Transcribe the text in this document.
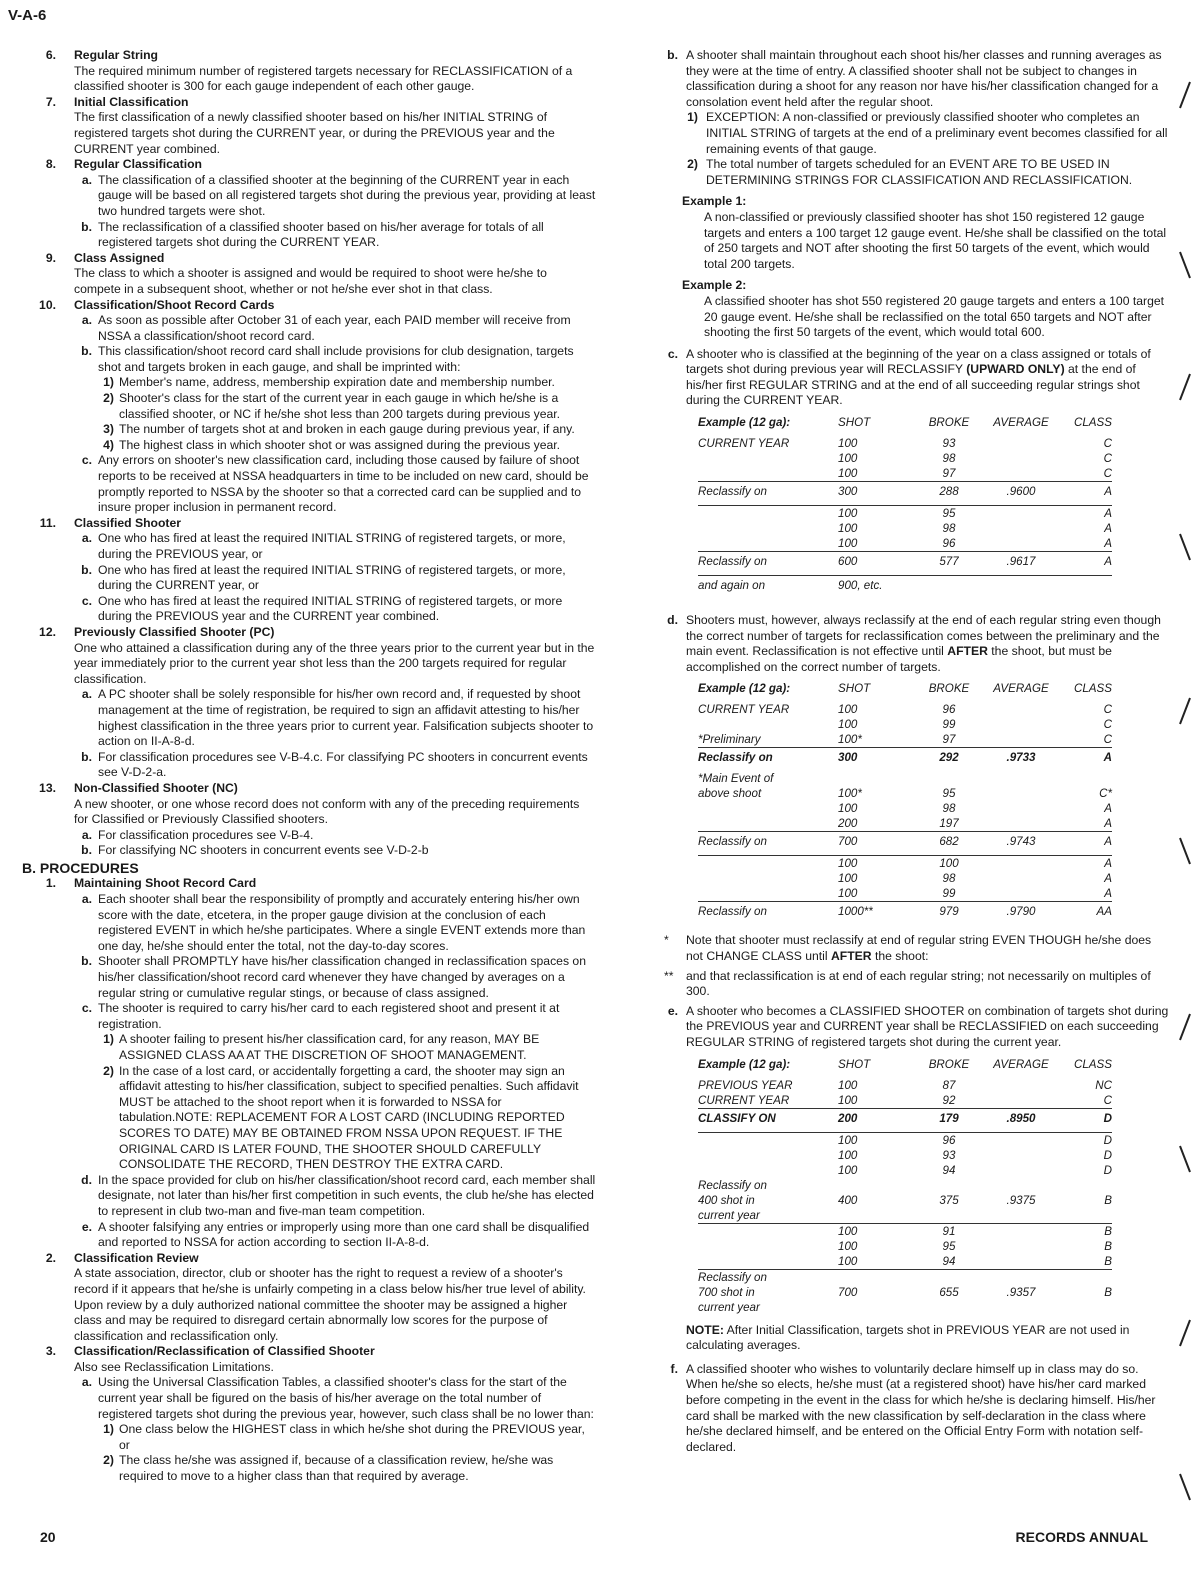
V-A-6
6. Regular String

The required minimum number of registered targets necessary for RECLASSIFICATION of a classified shooter is 300 for each gauge independent of each other gauge.

7. Initial Classification

The first classification of a newly classified shooter based on his/her INITIAL STRING of registered targets shot during the CURRENT year, or during the PREVIOUS year and the CURRENT year combined.

8. Regular Classification
a. The classification of a classified shooter at the beginning of the CURRENT year in each gauge will be based on all registered targets shot during the previous year, providing at least two hundred targets were shot.

b. The reclassification of a classified shooter based on his/her average for totals of all registered targets shot during the CURRENT YEAR.

9. Class Assigned

The class to which a shooter is assigned and would be required to shoot were he/she to compete in a subsequent shoot, whether or not he/she ever shot in that class.

10. Classification/Shoot Record Cards
a. As soon as possible after October 31 of each year, each PAID member will receive from NSSA a classification/shoot record card.

b. This classification/shoot record card shall include provisions for club designation, targets shot and targets broken in each gauge, and shall be imprinted with:

1) Member's name, address, membership expiration date and membership number.

2) Shooter's class for the start of the current year in each gauge in which he/she is a classified shooter, or NC if he/she shot less than 200 targets during previous year.

3) The number of targets shot at and broken in each gauge during previous year, if any.

4) The highest class in which shooter shot or was assigned during the previous year.

c. Any errors on shooter's new classification card, including those caused by failure of shoot reports to be received at NSSA headquarters in time to be included on new card, should be promptly reported to NSSA by the shooter so that a corrected card can be supplied and to insure proper inclusion in permanent record.

11. Classified Shooter
a. One who has fired at least the required INITIAL STRING of registered targets, or more, during the PREVIOUS year, or

b. One who has fired at least the required INITIAL STRING of registered targets, or more, during the CURRENT year, or

c. One who has fired at least the required INITIAL STRING of registered targets, or more during the PREVIOUS year and the CURRENT year combined.

12. Previously Classified Shooter (PC)

One who attained a classification during any of the three years prior to the current year but in the year immediately prior to the current year shot less than the 200 targets required for regular classification.

a. A PC shooter shall be solely responsible for his/her own record and, if requested by shoot management at the time of registration, be required to sign an affidavit attesting to his/her highest classification in the three years prior to current year. Falsification subjects shooter to action on II-A-8-d.

b. For classification procedures see V-B-4.c. For classifying PC shooters in concurrent events see V-D-2-a.

13. Non-Classified Shooter (NC)

A new shooter, or one whose record does not conform with any of the preceding requirements for Classified or Previously Classified shooters.

a. For classification procedures see V-B-4.

b. For classifying NC shooters in concurrent events see V-D-2-b

B. PROCEDURES
1. Maintaining Shoot Record Card
a. Each shooter shall bear the responsibility of promptly and accurately entering his/her own score with the date, etcetera, in the proper gauge division at the conclusion of each registered EVENT in which he/she participates. Where a single EVENT extends more than one day, he/she should enter the total, not the day-to-day scores.

b. Shooter shall PROMPTLY have his/her classification changed in reclassification spaces on his/her classification/shoot record card whenever they have changed by averages on a regular string or cumulative regular stings, or because of class assigned.

c. The shooter is required to carry his/her card to each registered shoot and present it at registration.

1) A shooter failing to present his/her classification card, for any reason, MAY BE ASSIGNED CLASS AA AT THE DISCRETION OF SHOOT MANAGEMENT.

2) In the case of a lost card, or accidentally forgetting a card, the shooter may sign an affidavit attesting to his/her classification, subject to specified penalties. Such affidavit MUST be attached to the shoot report when it is forwarded to NSSA for tabulation.NOTE: REPLACEMENT FOR A LOST CARD (INCLUDING REPORTED SCORES TO DATE) MAY BE OBTAINED FROM NSSA UPON REQUEST. IF THE ORIGINAL CARD IS LATER FOUND, THE SHOOTER SHOULD CAREFULLY CONSOLIDATE THE RECORD, THEN DESTROY THE EXTRA CARD.

d. In the space provided for club on his/her classification/shoot record card, each member shall designate, not later than his/her first competition in such events, the club he/she has elected to represent in club two-man and five-man team competition.

e. A shooter falsifying any entries or improperly using more than one card shall be disqualified and reported to NSSA for action according to section II-A-8-d.

2. Classification Review

A state association, director, club or shooter has the right to request a review of a shooter's record if it appears that he/she is unfairly competing in a class below his/her true level of ability. Upon review by a duly authorized national committee the shooter may be assigned a higher class and may be required to disregard certain abnormally low scores for the purpose of classification and reclassification only.

3. Classification/Reclassification of Classified Shooter

Also see Reclassification Limitations.

a. Using the Universal Classification Tables, a classified shooter's class for the start of the current year shall be figured on the basis of his/her average on the total number of registered targets shot during the previous year, however, such class shall be no lower than:

1) One class below the HIGHEST class in which he/she shot during the PREVIOUS year, or

2) The class he/she was assigned if, because of a classification review, he/she was required to move to a higher class than that required by average.

b. A shooter shall maintain throughout each shoot his/her classes and running averages as they were at the time of entry. A classified shooter shall not be subject to changes in classification during a shoot for any reason nor have his/her classification changed for a consolation event held after the regular shoot.

1) EXCEPTION: A non-classified or previously classified shooter who completes an INITIAL STRING of targets at the end of a preliminary event becomes classified for all remaining events of that gauge.

2) The total number of targets scheduled for an EVENT ARE TO BE USED IN DETERMINING STRINGS FOR CLASSIFICATION AND RECLASSIFICATION.

Example 1:
A non-classified or previously classified shooter has shot 150 registered 12 gauge targets and enters a 100 target 12 gauge event. He/she shall be classified on the total of 250 targets and NOT after shooting the first 50 targets of the event, which would total 200 targets.
Example 2:
A classified shooter has shot 550 registered 20 gauge targets and enters a 100 target 20 gauge event. He/she shall be reclassified on the total 650 targets and NOT after shooting the first 50 targets of the event, which would total 600.
c. A shooter who is classified at the beginning of the year on a class assigned or totals of targets shot during previous year will RECLASSIFY (UPWARD ONLY) at the end of his/her first REGULAR STRING and at the end of all succeeding regular strings shot during the CURRENT YEAR.

Example (12 ga):	SHOT	BROKE	AVERAGE	CLASS
CURRENT YEAR	100	93		C
	100	98		C
	100	97		C
Reclassify on	300	288	.9600	A
	100	95		A
	100	98		A
	100	96		A
Reclassify on	600	577	.9617	A
and again on	900, etc.			
d. Shooters must, however, always reclassify at the end of each regular string even though the correct number of targets for reclassification comes between the preliminary and the main event. Reclassification is not effective until AFTER the shoot, but must be accomplished on the correct number of targets.

Example (12 ga):	SHOT	BROKE	AVERAGE	CLASS
CURRENT YEAR	100	96		C
	100	99		C
*Preliminary	100*	97		C
Reclassify on	300	292	.9733	A
*Main Event of				
above shoot	100*	95		C*
	100	98		A
	200	197		A
Reclassify on	700	682	.9743	A
	100	100		A
	100	98		A
	100	99		A
Reclassify on	1000**	979	.9790	AA
* Note that shooter must reclassify at end of regular string EVEN THOUGH he/she does not CHANGE CLASS until AFTER the shoot:

** and that reclassification is at end of each regular string; not necessarily on multiples of 300.

e. A shooter who becomes a CLASSIFIED SHOOTER on combination of targets shot during the PREVIOUS year and CURRENT year shall be RECLASSIFIED on each succeeding REGULAR STRING of registered targets shot during the current year.

Example (12 ga):	SHOT	BROKE	AVERAGE	CLASS
PREVIOUS YEAR	100	87		NC
CURRENT YEAR	100	92		C
CLASSIFY ON	200	179	.8950	D
	100	96		D
	100	93		D
	100	94		D
Reclassify on				
400 shot in	400	375	.9375	B
current year				
	100	91		B
	100	95		B
	100	94		B
Reclassify on				
700 shot in	700	655	.9357	B
current year				
NOTE: After Initial Classification, targets shot in PREVIOUS YEAR are not used in calculating averages.
f. A classified shooter who wishes to voluntarily declare himself up in class may do so. When he/she so elects, he/she must (at a registered shoot) have his/her card marked before competing in the event in the class for which he/she is declaring himself. His/her card shall be marked with the new classification by self-declaration in the class where he/she declared himself, and be entered on the Official Entry Form with notation self-declared.

20	RECORDS ANNUAL
